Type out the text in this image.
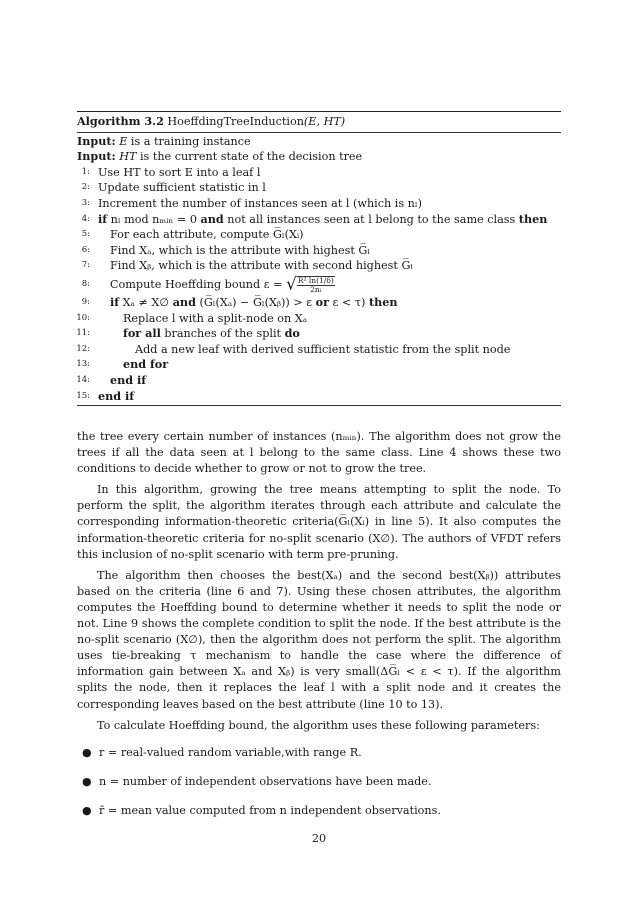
Algorithm 3.2 HoeffdingTreeInduction(E, HT)
Input: E is a training instance
Input: HT is the current state of the decision tree
1: Use HT to sort E into a leaf l
2: Update sufficient statistic in l
3: Increment the number of instances seen at l (which is nₗ)
4: if nₗ mod nₘᵢₙ = 0 and not all instances seen at l belong to the same class then
5: For each attribute, compute G̅ₗ(Xᵢ)
6: Find Xₐ, which is the attribute with highest G̅ₗ
7: Find Xᵦ, which is the attribute with second highest G̅ₗ
8: Compute Hoeffding bound ε = √ $\frac{\text{R² ln(1/δ)}}{\text{2nₗ}}$
9: if Xₐ ≠ X∅ and (G̅ₗ(Xₐ) − G̅ₗ(Xᵦ)) > ε or ε < τ) then
10:	Replace l with a split-node on Xₐ
11:	for all branches of the split do
12:	Add a new leaf with derived sufficient statistic from the split node
13:	end for
14: end if
15: end if

the tree every certain number of instances (nₘᵢₙ). The algorithm does not grow the trees if all the data seen at l belong to the same class. Line 4 shows these two conditions to decide whether to grow or not to grow the tree.

In this algorithm, growing the tree means attempting to split the node. To perform the split, the algorithm iterates through each attribute and calculate the corresponding information-theoretic criteria(G̅ₗ(Xᵢ) in line 5). It also computes the information-theoretic criteria for no-split scenario (X∅). The authors of VFDT refers this inclusion of no-split scenario with term pre-pruning.

The algorithm then chooses the best(Xₐ) and the second best(Xᵦ)) attributes based on the criteria (line 6 and 7). Using these chosen attributes, the algorithm computes the Hoeffding bound to determine whether it needs to split the node or not. Line 9 shows the complete condition to split the node. If the best attribute is the no-split scenario (X∅), then the algorithm does not perform the split. The algorithm uses tie-breaking τ mechanism to handle the case where the difference of information gain between Xₐ and Xᵦ) is very small(ΔG̅ₗ < ε < τ). If the algorithm splits the node, then it replaces the leaf l with a split node and it creates the corresponding leaves based on the best attribute (line 10 to 13).

To calculate Hoeffding bound, the algorithm uses these following parameters:

● r = real-valued random variable,with range R.
● n = number of independent observations have been made.
● r̄ = mean value computed from n independent observations.
20
